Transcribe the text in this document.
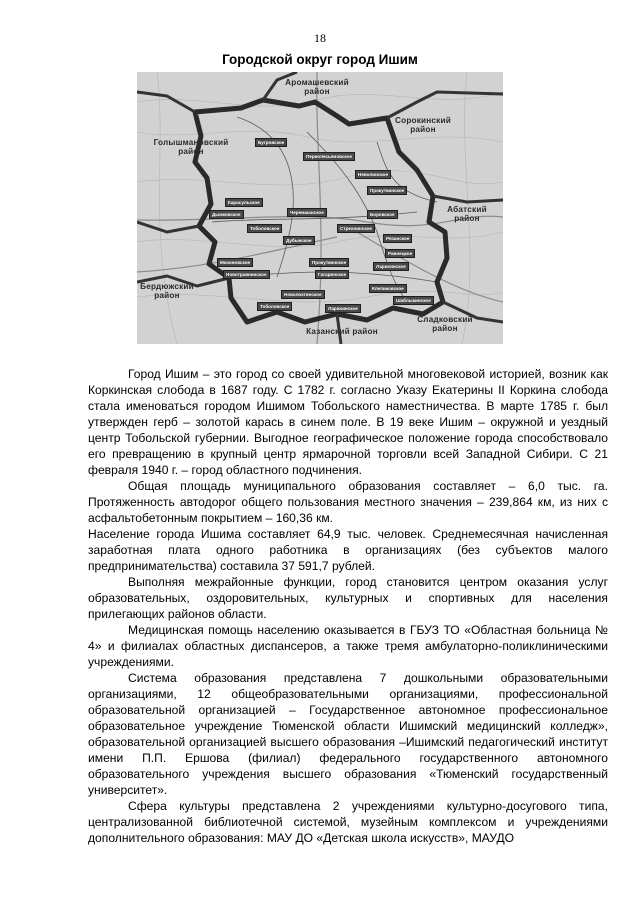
18
Городской округ город Ишим
Аромашевский район
Сорокинский район
Голышмановский район
Абатский район
Бердюжский район
Сладковский район
Казанский район
Бугровское
Первопесьяновское
Неволинское
Прокуткинское
Карасульское
Дымковское	Черемшанское	Боровское
Тоболовское	Стрехнинское
Дубынское	Рязанское
Мизоновское	Прокуткинское
Ларихинское
Новотравнинское	Гагаринское
Клепиковское
Новолоктинское
Шаблыкинское
Тоболовское	Ларихинское
Равнецкое

Город Ишим – это город со своей удивительной многовековой историей, возник как Коркинская слобода в 1687 году. С 1782 г. согласно Указу Екатерины II Коркина слобода стала именоваться городом Ишимом Тобольского наместничества. В марте 1785 г. был утвержден герб – золотой карась в синем поле. В 19 веке Ишим – окружной и уездный центр Тобольской губернии. Выгодное географическое положение города способствовало его превращению в крупный центр ярмарочной торговли всей Западной Сибири. С 21 февраля 1940 г. – город областного подчинения.

Общая площадь муниципального образования составляет – 6,0 тыс. га. Протяженность автодорог общего пользования местного значения – 239,864 км, из них с асфальтобетонным покрытием – 160,36 км.

Население города Ишима составляет 64,9 тыс. человек. Среднемесячная начисленная заработная плата одного работника в организациях (без субъектов малого предпринимательства) составила 37 591,7 рублей.

Выполняя межрайонные функции, город становится центром оказания услуг образовательных, оздоровительных, культурных и спортивных для населения прилегающих районов области.

Медицинская помощь населению оказывается в ГБУЗ ТО «Областная больница № 4» и филиалах областных диспансеров, а также тремя амбулаторно-поликлиническими учреждениями.

Система образования представлена 7 дошкольными образовательными организациями, 12 общеобразовательными организациями, профессиональной образовательной организацией – Государственное автономное профессиональное образовательное учреждение Тюменской области Ишимский медицинский колледж», образовательной организацией высшего образования –Ишимский педагогический институт имени П.П. Ершова (филиал) федерального государственного автономного образовательного учреждения высшего образования «Тюменский государственный университет».

Сфера культуры представлена 2 учреждениями культурно-досугового типа, централизованной библиотечной системой, музейным комплексом и учреждениями дополнительного образования: МАУ ДО «Детская школа искусств», МАУДО
